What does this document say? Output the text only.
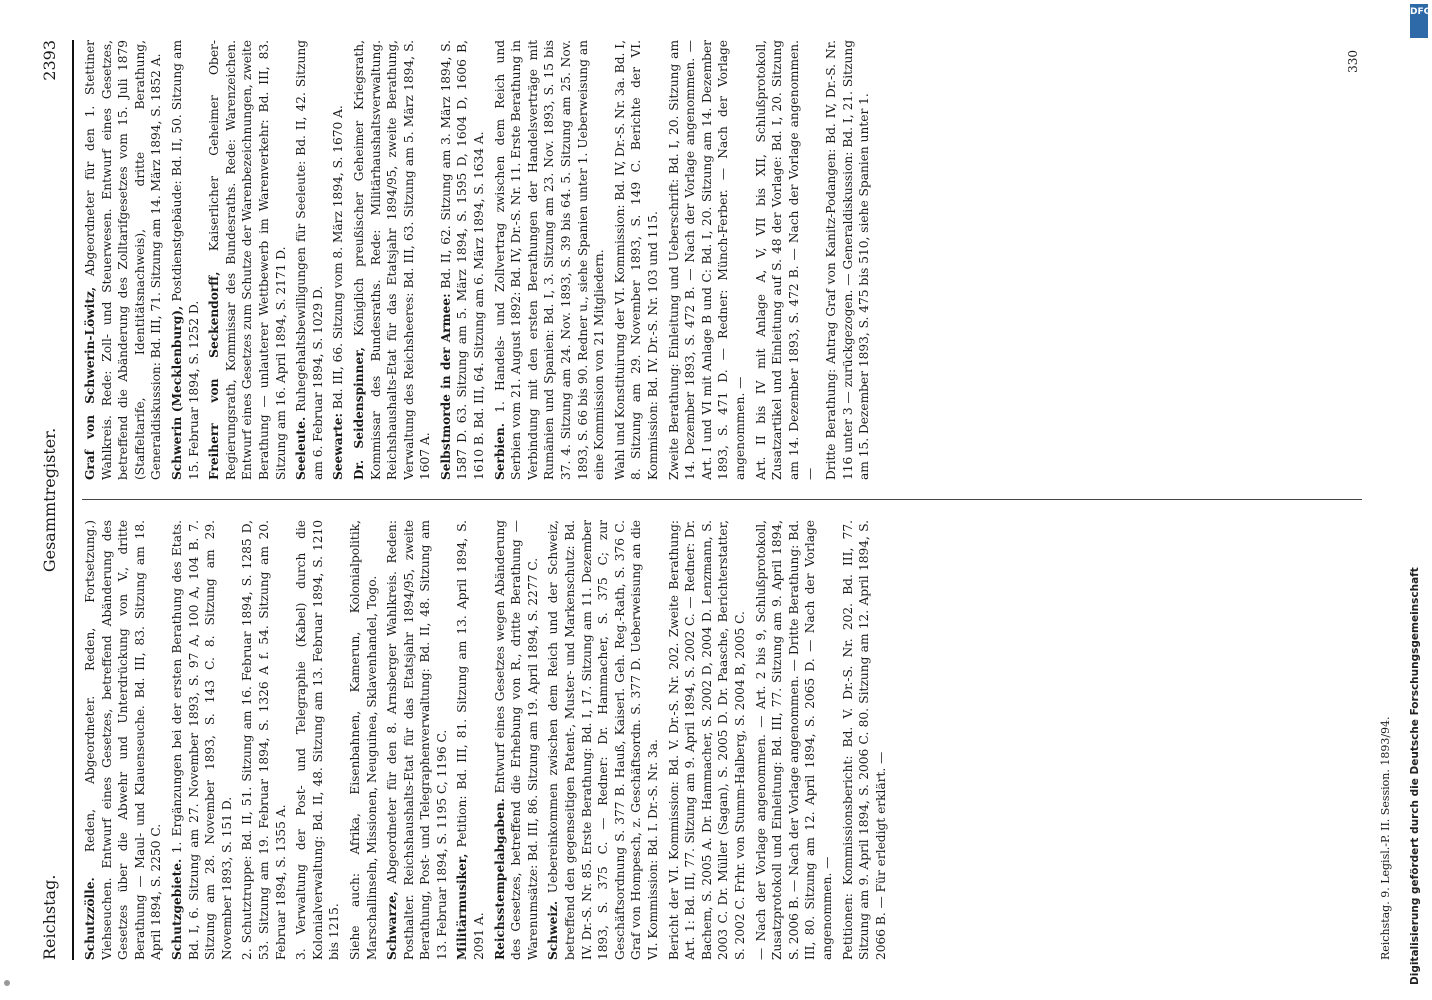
Reichstag.
Gesammtregister.
2393

Schutzzölle. Reden, Abgeordneter. Reden, Fortsetzung.) Viehseuchen. Entwurf eines Gesetzes, betreffend Abänderung des Gesetzes über die Abwehr und Unterdrückung von V., dritte Berathung — Maul- und Klauenseuche. Bd. III, 83. Sitzung am 18. April 1894, S. 2250 C. Schutzgebiete. 1. Ergänzungen bei der ersten Berathung des Etats. Bd. I, 6. Sitzung am 27. November 1893, S. 97 A, 100 A, 104 B. 7. Sitzung am 28. November 1893, S. 143 C. 8. Sitzung am 29. November 1893, S. 151 D. 2. Schutztruppe: Bd. II, 51. Sitzung am 16. Februar 1894, S. 1285 D, 53. Sitzung am 19. Februar 1894, S. 1326 A f. 54. Sitzung am 20. Februar 1894, S. 1355 A. 3. Verwaltung der Post- und Telegraphie (Kabel) durch die Kolonialverwaltung: Bd. II, 48. Sitzung am 13. Februar 1894, S. 1210 bis 1215. Siehe auch: Afrika, Eisenbahnen, Kamerun, Kolonialpolitik, Marschallinseln, Missionen, Neuguinea, Sklavenhandel, Togo. Schwarze, Abgeordneter für den 8. Arnsberger Wahlkreis. Reden: Posthalter. Reichshaushalts-Etat für das Etatsjahr 1894/95, zweite Berathung, Post- und Telegraphenverwaltung: Bd. II, 48. Sitzung am 13. Februar 1894, S. 1195 C, 1196 C. Militärmusiker, Petition: Bd. III, 81. Sitzung am 13. April 1894, S. 2091 A. Reichsstempelabgaben. Entwurf eines Gesetzes wegen Abänderung des Gesetzes, betreffend die Erhebung von R., dritte Berathung — Warenumsätze: Bd. III, 86. Sitzung am 19. April 1894, S. 2277 C. Schweiz. Uebereinkommen zwischen dem Reich und der Schweiz, betreffend den gegenseitigen Patent-, Muster- und Markenschutz: Bd. IV. Dr.-S. Nr. 85. Erste Berathung: Bd. I, 17. Sitzung am 11. Dezember 1893, S. 375 C. — Redner: Dr. Hammacher, S. 375 C; zur Geschäftsordnung S. 377 B. Hauß, Kaiserl. Geh. Reg.-Rath, S. 376 C. Graf von Hompesch, z. Geschäftsordn. S. 377 D. Ueberweisung an die VI. Kommission: Bd. I. Dr.-S. Nr. 3a. Bericht der VI. Kommission: Bd. V. Dr.-S. Nr. 202. Zweite Berathung: Art. 1: Bd. III, 77. Sitzung am 9. April 1894, S. 2002 C. — Redner: Dr. Bachem, S. 2005 A. Dr. Hammacher, S. 2002 D, 2004 D. Lenzmann, S. 2003 C. Dr. Müller (Sagan), S. 2005 D. Dr. Paasche, Berichterstatter, S. 2002 C. Frhr. von Stumm-Halberg, S. 2004 B, 2005 C. — Nach der Vorlage angenommen. — Art. 2 bis 9, Schlußprotokoll, Zusatzprotokoll und Einleitung: Bd. III, 77. Sitzung am 9. April 1894, S. 2006 B. — Nach der Vorlage angenommen. — Dritte Berathung: Bd. III, 80. Sitzung am 12. April 1894, S. 2065 D. — Nach der Vorlage angenommen. — Petitionen: Kommissionsbericht: Bd. V. Dr.-S. Nr. 202. Bd. III, 77. Sitzung am 9. April 1894, S. 2006 C. 80. Sitzung am 12. April 1894, S. 2066 B. — Für erledigt erklärt. —

Graf von Schwerin-Löwitz, Abgeordneter für den 1. Stettiner Wahlkreis. Rede: Zoll- und Steuerwesen. Entwurf eines Gesetzes, betreffend die Abänderung des Zolltarifgesetzes vom 15. Juli 1879 (Staffeltarife, Identitätsnachweis), dritte Berathung, Generaldiskussion: Bd. III, 71. Sitzung am 14. März 1894, S. 1852 A. Schwerin (Mecklenburg), Postdienstgebäude: Bd. II, 50. Sitzung am 15. Februar 1894, S. 1252 D. Freiherr von Seckendorff, Kaiserlicher Geheimer Ober-Regierungsrath, Kommissar des Bundesraths. Rede: Warenzeichen. Entwurf eines Gesetzes zum Schutze der Warenbezeichnungen, zweite Berathung — unlauterer Wettbewerb im Warenverkehr: Bd. III, 83. Sitzung am 16. April 1894, S. 2171 D. Seeleute. Ruhegehaltsbewilligungen für Seeleute: Bd. II, 42. Sitzung am 6. Februar 1894, S. 1029 D. Seewarte: Bd. III, 66. Sitzung vom 8. März 1894, S. 1670 A.

Dr. Seidenspinner, Königlich preußischer Geheimer Kriegsrath, Kommissar des Bundesraths. Rede: Militärhaushaltsverwaltung. Reichshaushalts-Etat für das Etatsjahr 1894/95, zweite Berathung, Verwaltung des Reichsheeres: Bd. III, 63. Sitzung am 5. März 1894, S. 1607 A. Selbstmorde in der Armee: Bd. II, 62. Sitzung am 3. März 1894, S. 1587 D. 63. Sitzung am 5. März 1894, S. 1595 D, 1604 D, 1606 B, 1610 B. Bd. III, 64. Sitzung am 6. März 1894, S. 1634 A. Serbien. 1. Handels- und Zollvertrag zwischen dem Reich und Serbien vom 21. August 1892: Bd. IV, Dr.-S. Nr. 11. Erste Berathung in Verbindung mit den ersten Berathungen der Handelsverträge mit Rumänien und Spanien: Bd. I, 3. Sitzung am 23. Nov. 1893, S. 15 bis 37. 4. Sitzung am 24. Nov. 1893, S. 39 bis 64. 5. Sitzung am 25. Nov. 1893, S. 66 bis 90. Redner u., siehe Spanien unter 1. Ueberweisung an eine Kommission von 21 Mitgliedern. Wahl und Konstituirung der VI. Kommission: Bd. IV, Dr.-S. Nr. 3a. Bd. I, 8. Sitzung am 29. November 1893, S. 149 C. Berichte der VI. Kommission: Bd. IV. Dr.-S. Nr. 103 und 115. Zweite Berathung: Einleitung und Ueberschrift: Bd. I, 20. Sitzung am 14. Dezember 1893, S. 472 B. — Nach der Vorlage angenommen. — Art. I und VI mit Anlage B und C: Bd. I, 20. Sitzung am 14. Dezember 1893, S. 471 D. — Redner: Münch-Ferber. — Nach der Vorlage angenommen. — Art. II bis IV mit Anlage A, V, VII bis XII, Schlußprotokoll, Zusatzartikel und Einleitung auf S. 48 der Vorlage: Bd. I, 20. Sitzung am 14. Dezember 1893, S. 472 B. — Nach der Vorlage angenommen. — Dritte Berathung: Antrag Graf von Kanitz-Podangen: Bd. IV, Dr.-S. Nr. 116 unter 3 — zurückgezogen. — Generaldiskussion: Bd. I, 21. Sitzung am 15. Dezember 1893, S. 475 bis 510, siehe Spanien unter 1.

330
Reichstag. 9. Legisl.-P. II. Session. 1893/94. Digitalisierung gefördert durch die Deutsche Forschungsgemeinschaft
DFG
